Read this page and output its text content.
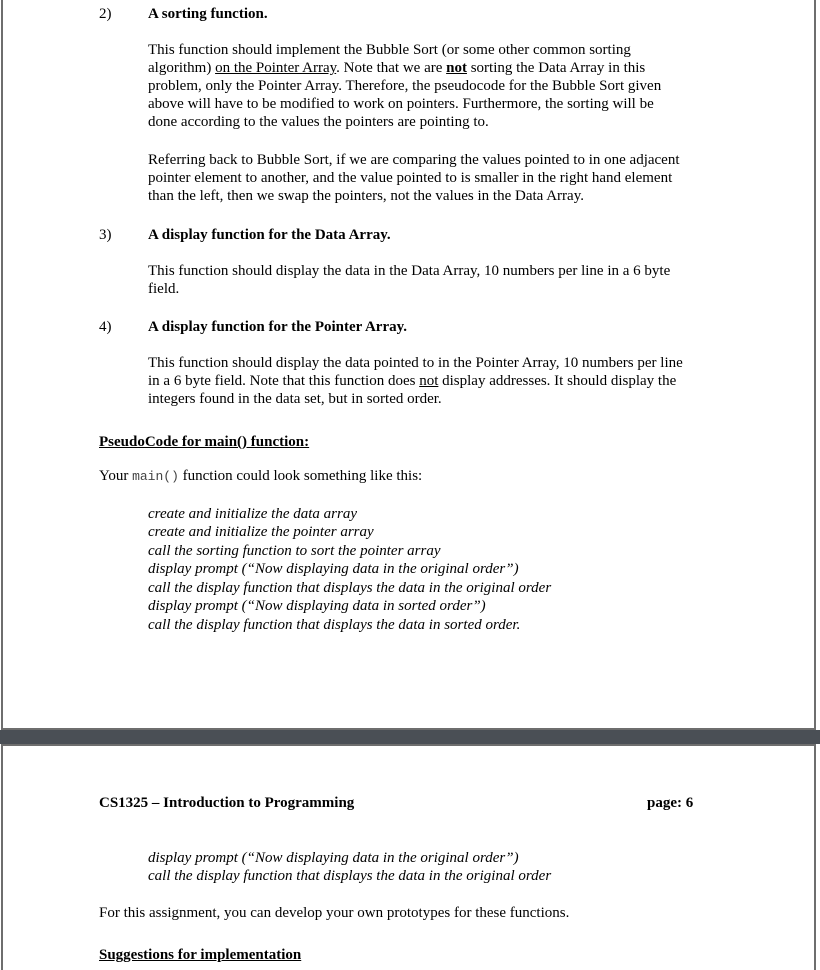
2) A sorting function.
This function should implement the Bubble Sort (or some other common sorting
algorithm) on the Pointer Array. Note that we are not sorting the Data Array in this
problem, only the Pointer Array. Therefore, the pseudocode for the Bubble Sort given
above will have to be modified to work on pointers. Furthermore, the sorting will be
done according to the values the pointers are pointing to.
Referring back to Bubble Sort, if we are comparing the values pointed to in one adjacent
pointer element to another, and the value pointed to is smaller in the right hand element
than the left, then we swap the pointers, not the values in the Data Array.
3) A display function for the Data Array.
This function should display the data in the Data Array, 10 numbers per line in a 6 byte
field.
4) A display function for the Pointer Array.
This function should display the data pointed to in the Pointer Array, 10 numbers per line
in a 6 byte field. Note that this function does not display addresses. It should display the
integers found in the data set, but in sorted order.
PseudoCode for main() function:
Your main() function could look something like this:
create and initialize the data array
create and initialize the pointer array
call the sorting function to sort the pointer array
display prompt (“Now displaying data in the original order”)
call the display function that displays the data in the original order
display prompt (“Now displaying data in sorted order”)
call the display function that displays the data in sorted order.
CS1325 – Introduction to Programming	page: 6
display prompt (“Now displaying data in the original order”)
call the display function that displays the data in the original order
For this assignment, you can develop your own prototypes for these functions.
Suggestions for implementation
